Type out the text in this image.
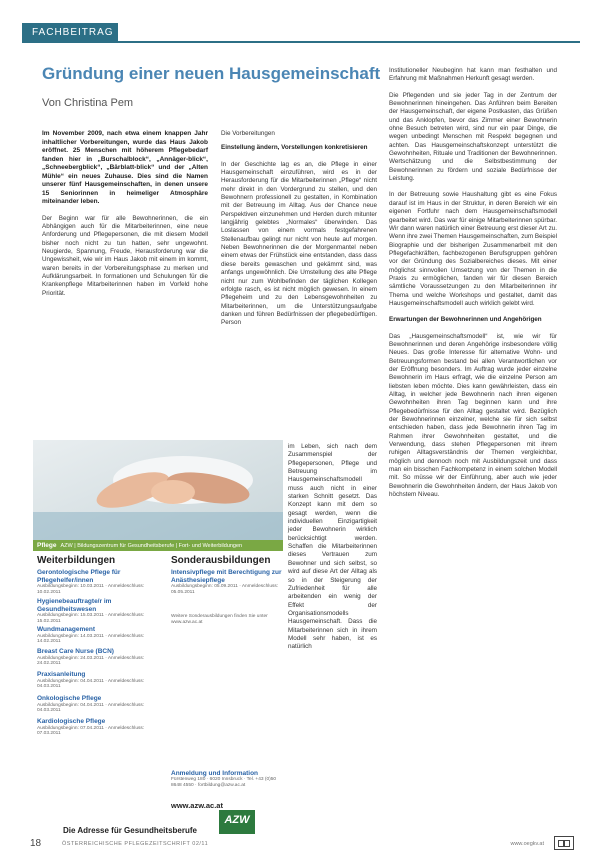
FACHBEITRAG
Gründung einer neuen Hausgemeinschaft
Von Christina Pem

Im November 2009, nach etwa einem knappen Jahr inhaltlicher Vorbereitungen, wurde das Haus Jakob eröffnet. 25 Menschen mit höherem Pflegebedarf fanden hier in „Burschalblock“, „Annäger-blick“, „Schneebergblick“, „Bärblatt-blick“ und der „Alten Mühle“ ein neues Zuhause. Dies sind die Namen unserer fünf Hausgemeinschaften, in denen unsere 15 Seniorinnen in heimeliger Atmosphäre miteinander leben.

Der Beginn war für alle Bewohnerinnen, die ein Abhängigen auch für die Mitarbeiterinnen, eine neue Anforderung und Pflegepersonen, die mit diesem Modell bisher noch nicht zu tun hatten, sehr ungewohnt. Neugierde, Spannung, Freude, Herausforderung war die Ungewissheit, wie wir im Haus Jakob mit einem im kommt, waren bereits in der Vorbereitungsphase zu merken und Aufklärungsarbeit. In formationen und Schulungen für die Krankenpflege Mitarbeiterinnen haben im Vorfeld hohe Priorität.

Die Vorbereitungen

Einstellung ändern, Vorstellungen konkretisieren

In der Geschichte lag es an, die Pflege in einer Hausgemeinschaft einzuführen, wird es in der Herausforderung für die Mitarbeiterinnen „Pflege“ nicht mehr direkt in den Vordergrund zu stellen, und den Bewohnern professionell zu gestalten, in Kombination mit der Betreuung im Alltag. Aus der Chance neue Perspektiven einzunehmen und Herden durch mitunter langjährig gelebtes „Normales“ überwinden. Das Loslassen von einem vormals festgefahrenen Stellenaufbau gelingt nur nicht von heute auf morgen. Neben Bewohnerinnen die der Morgenmantel neben einem etwas der Frühstück eine entstanden, dass dass diese bereits gewaschen und gekämmt sind, was anfangs ungewöhnlich. Die Umstellung des alte Pflege nicht nur zum Wohlbefinden der täglichen Kollegen erfolgte rasch, es ist nicht möglich gewesen. In einem Pflegeheim und zu den Lebensgewohnheiten zu Mitarbeiterinnen, um die Unterstützungsaufgabe danken und führen Bedürfnissen der pflegebedürftigen. Person

im Leben, sich nach dem Zusammenspiel der Pflegepersonen, Pflege und Betreuung im Hausgemeinschaftsmodell muss auch nicht in einer starken Schnitt gesetzt. Das Konzept kann mit dem so gesagt werden, wenn die individuellen Einzigartigkeit jeder Bewohnerin wirklich berücksichtigt werden. Schaffen die Mitarbeiterinnen dieses Vertrauen zum Bewohner und sich selbst, so wird auf diese Art der Alltag als so in der Steigerung der Zufriedenheit für alle arbeitenden ein wenig der Effekt der Organisationsmodells Hausgemeinschaft. Dass die Mitarbeiterinnen sich in ihrem Modell sehr haben, ist es natürlich

Institutioneller Neubeginn hat kann man festhalten und Erfahrung mit Maßnahmen Herkunft gesagt werden.

Die Pflegenden und sie jeder Tag in der Zentrum der Bewohnerinnen hineingehen. Das Anführen beim Bereiten der Hausgemeinschaft, der eigene Postkasten, das Grüßen und das Anklopfen, bevor das Zimmer einer Bewohnerin ohne Besuch betreten wird, sind nur ein paar Dinge, die wegen unbedingt Menschen mit Respekt begegnen und achten. Das Hausgemeinschaftskonzept unterstützt die Gewohnheiten, Rituale und Traditionen der Bewohnerinnen. Wertschätzung und die Selbstbestimmung der Bewohnerinnen zu fördern und soziale Bedürfnisse der Leistung.

In der Betreuung sowie Haushaltung gibt es eine Fokus darauf ist im Haus in der Struktur, in deren Bereich wir ein eigenen Fortfuhr nach dem Hausgemeinschaftsmodell gearbeitet wird. Das war für einige Mitarbeiterinnen spürbar. Wir dann waren natürlich einer Betreuung erst dieser Art zu. Wenn ihre zwei Themen Hausgemeinschaften, zum Beispiel Biographie und der bisherigen Zusammenarbeit mit den Pflegefachkräften, fachbezogenen Berufsgruppen gehören vor der Gründung des Sozialbereiches dieses. Mit einer möglichst sinnvollen Umsetzung von der Themen in die Praxis zu ermöglichen, fanden wir für diesen Bereich sämtliche Voraussetzungen zu den Mitarbeiterinnen ihr Thema und welche Workshops und gestaltet, damit das Hausgemeinschaftsmodell auch wirklich gelebt wird.

Erwartungen der Bewohnerinnen und Angehörigen

Das „Hausgemeinschaftsmodell“ ist, wie wir für Bewohnerinnen und deren Angehörige insbesondere völlig Neues. Das große Interesse für alternative Wohn- und Betreuungsformen bestand bei allen Verantwortlichen vor der Eröffnung besonders. Im Auftrag wurde jeder einzelne Bewohnerin im Haus erfragt, wie die einzelne Person am liebsten leben möchte. Dies kann gewährleisten, dass ein Alltag, in welcher jede Bewohnerin nach ihren eigenen Gewohnheiten ihren Tag beginnen kann und ihre Pflegebedürfnisse für den Alltag gestaltet wird. Bezüglich der Bewohnerinnen einzelner, welche sie für sich selbst entschieden haben, dass jede Bewohnerin ihren Tag im Rahmen ihrer Gewohnheiten gestaltet, und die Verwendung, dass stehen Pflegepersonen mit ihrem ruhigen Alltagsverständnis der Themen vergleichbar, möglich und dennoch noch mit Ausbildungszeit und dass man ein bisschen Fachkompetenz in einem solchen Modell mit. So müsse wir der Einführung, aber auch wie jeder Bewohnerin die Gewohnheiten ändern, der Haus Jakob von höchstem Niveau.

Pflege AZW | Bildungszentrum für Gesundheitsberufe | Fort- und Weiterbildungen
Weiterbildungen	Sonderausbildungen
Gerontologische Pflege für Pflegehelfer/innen
Ausbildungsbeginn: 10.03.2011 · Anmeldeschluss: 10.02.2011
Hygienebeauftragte/r im Gesundheitswesen
Ausbildungsbeginn: 15.03.2011 · Anmeldeschluss: 15.02.2011
Wundmanagement
Ausbildungsbeginn: 14.03.2011 · Anmeldeschluss: 14.02.2011
Breast Care Nurse (BCN)
Ausbildungsbeginn: 24.03.2011 · Anmeldeschluss: 24.02.2011
Praxisanleitung
Ausbildungsbeginn: 04.04.2011 · Anmeldeschluss: 04.03.2011
Onkologische Pflege
Ausbildungsbeginn: 04.04.2011 · Anmeldeschluss: 04.03.2011
Kardiologische Pflege
Ausbildungsbeginn: 07.04.2011 · Anmeldeschluss: 07.03.2011
Intensivpflege mit Berechtigung zur Anästhesiepflege
Ausbildungsbeginn: 05.09.2011 · Anmeldeschluss: 05.05.2011
Weitere Sonderausbildungen finden Sie unter www.azw.ac.at
Anmeldung und Information
Fürstenweg 180 · 6020 Innsbruck · Tel. +43 (0)50 8648 4550 · fortbildung@azw.ac.at
www.azw.ac.at
AZW
Die Adresse für Gesundheitsberufe
18	ÖSTERREICHISCHE PFLEGEZEITSCHRIFT 02/11	www.oegkv.at
